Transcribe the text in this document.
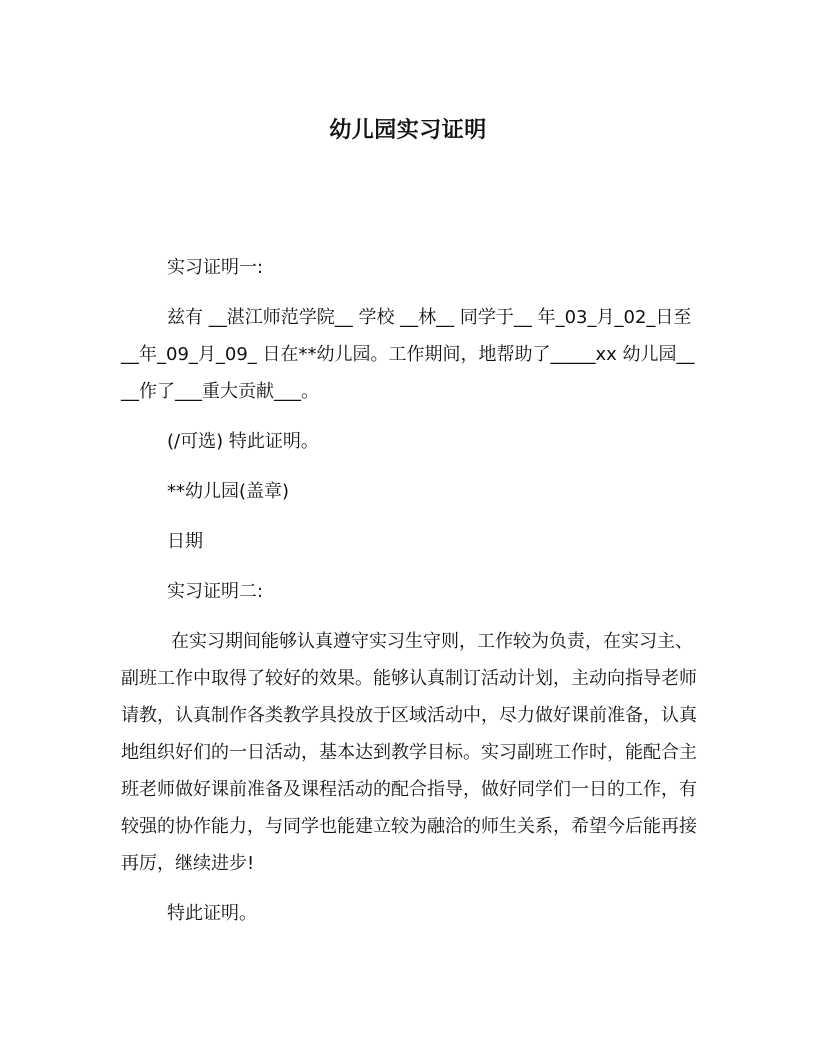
幼儿园实习证明

实习证明一:

兹有 __湛江师范学院__ 学校 __林__ 同学于__ 年_03_月_02_日至__年_09_月_09_ 日在**幼儿园。工作期间，地帮助了_____xx 幼儿园____作了___重大贡献___。

(/可选) 特此证明。

**幼儿园(盖章)

日期

实习证明二:

在实习期间能够认真遵守实习生守则，工作较为负责，在实习主、副班工作中取得了较好的效果。能够认真制订活动计划，主动向指导老师请教，认真制作各类教学具投放于区域活动中，尽力做好课前准备，认真地组织好们的一日活动，基本达到教学目标。实习副班工作时，能配合主班老师做好课前准备及课程活动的配合指导，做好同学们一日的工作，有较强的协作能力，与同学也能建立较为融洽的师生关系，希望今后能再接再厉，继续进步!

特此证明。
